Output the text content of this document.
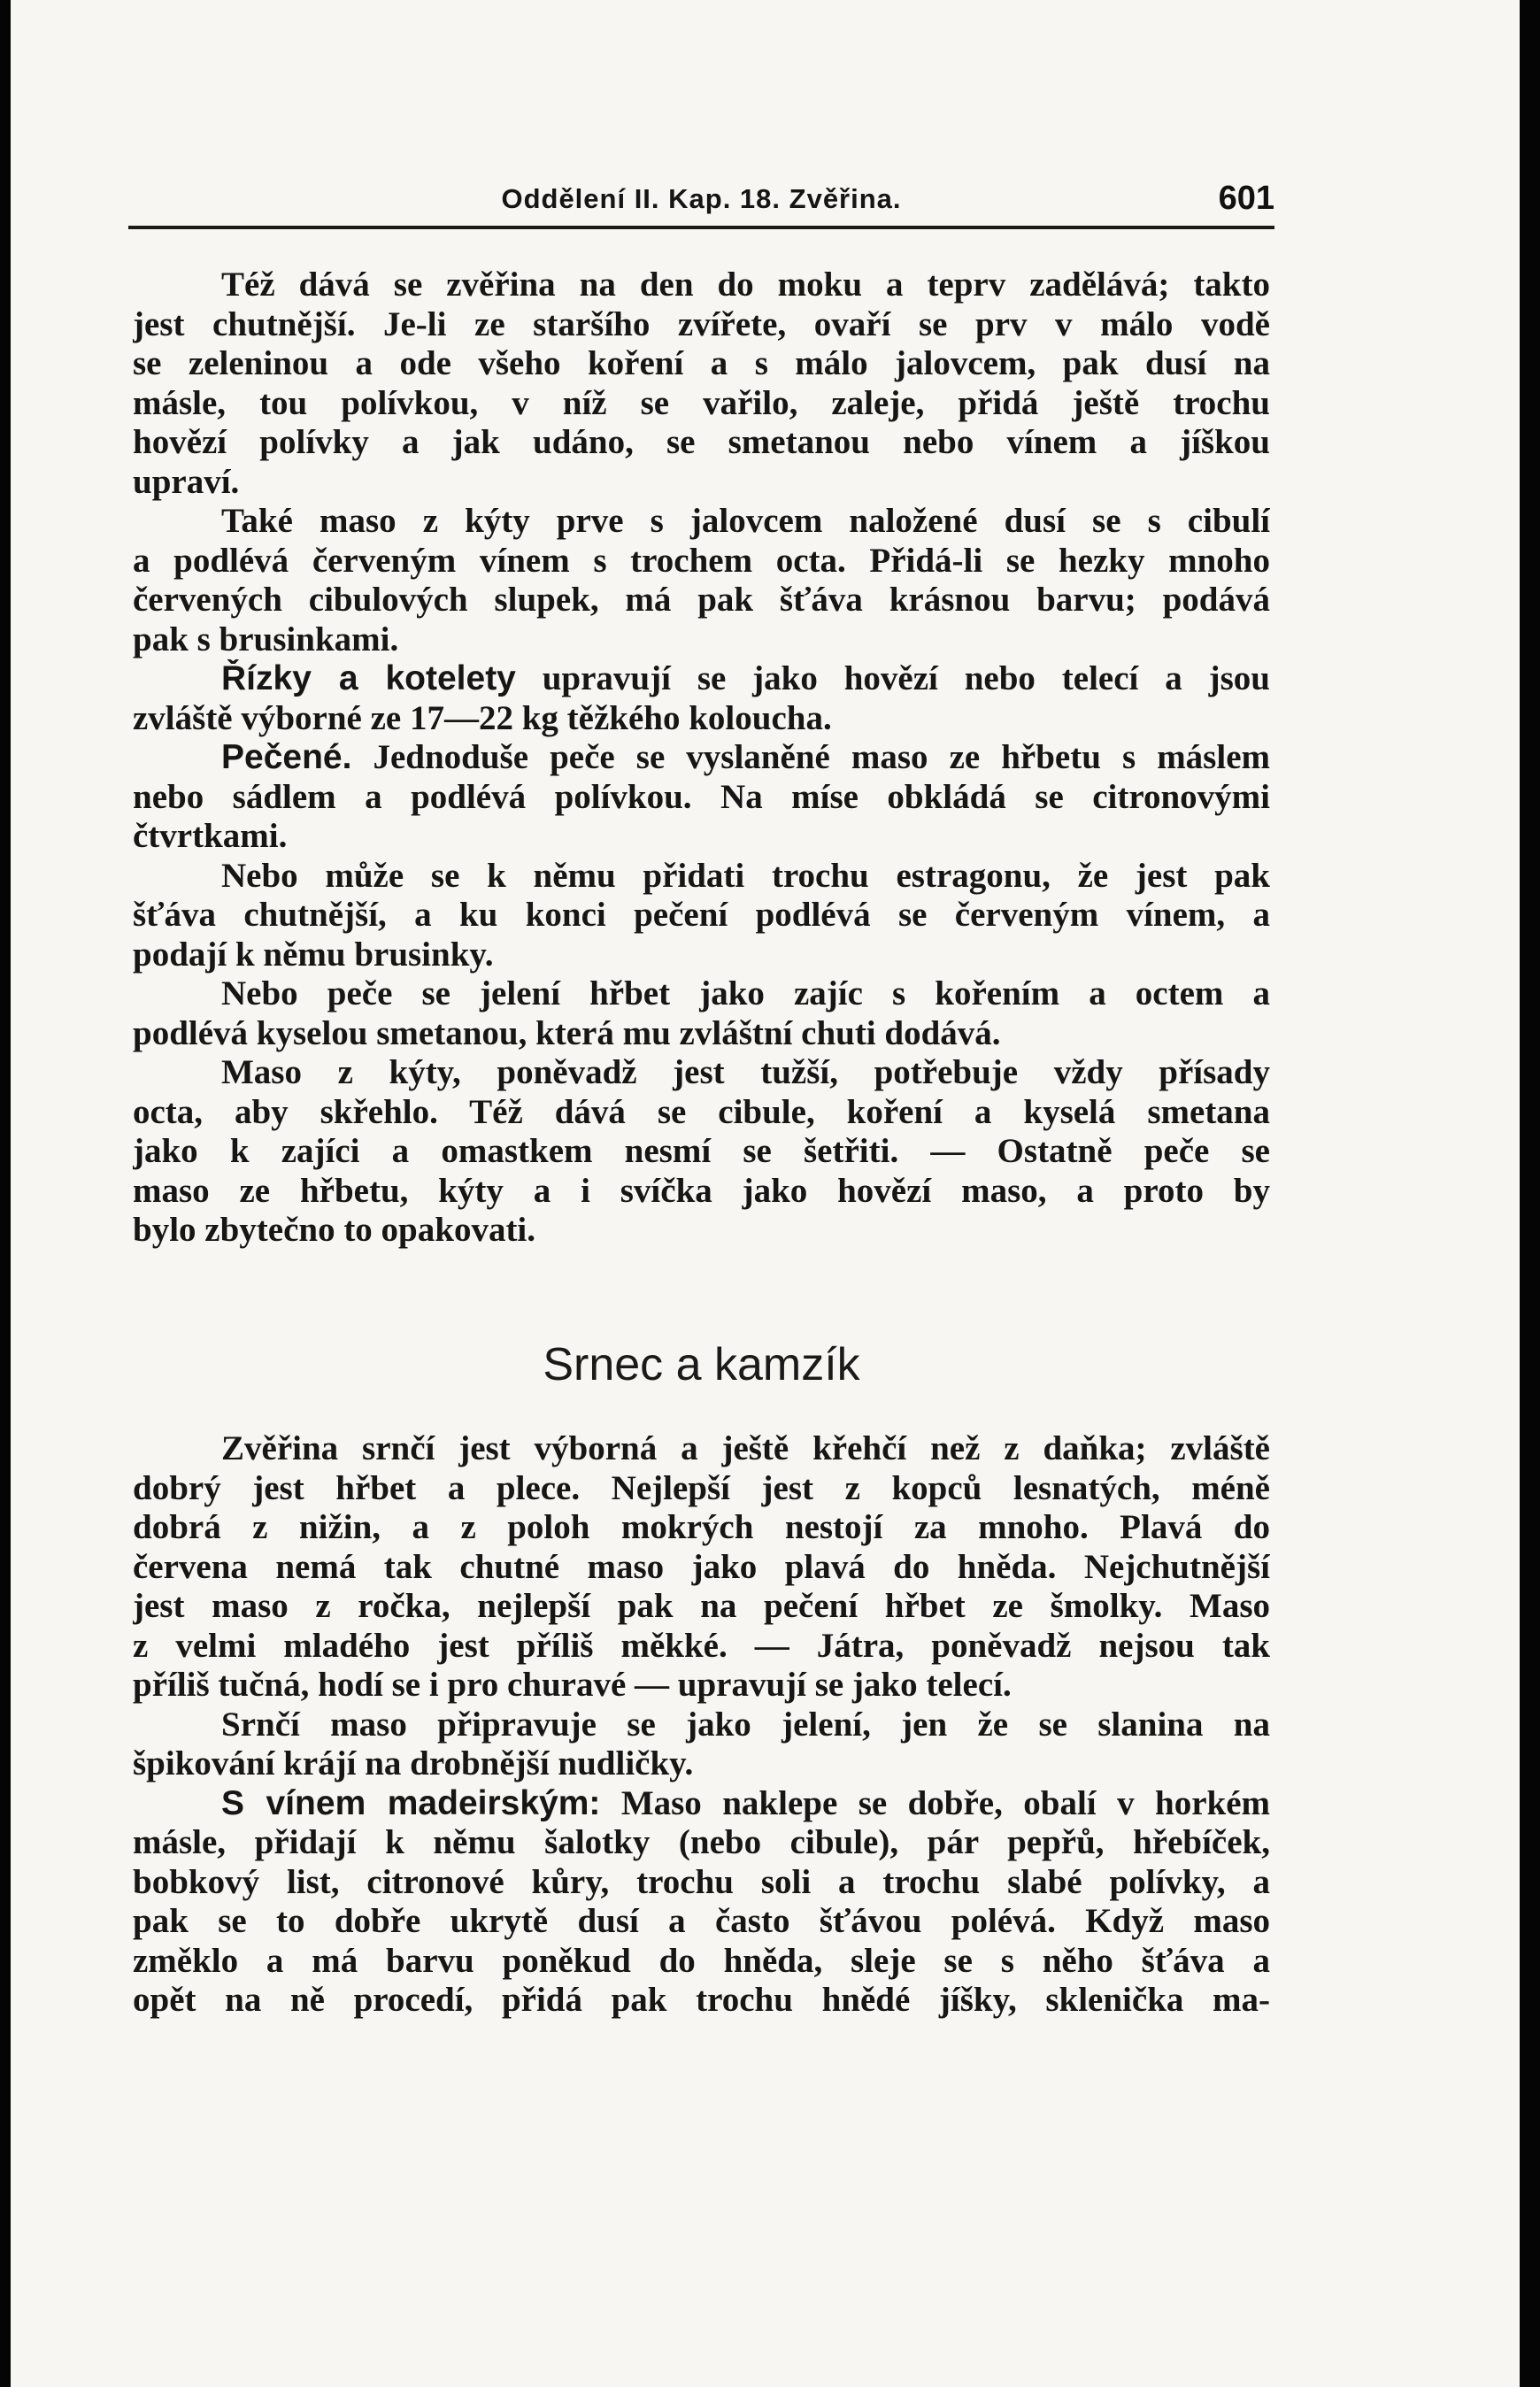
Oddělení II. Kap. 18. Zvěřina.	601
Též dává se zvěřina na den do moku a teprv zadělává; takto
jest chutnější. Je-li ze staršího zvířete, ovaří se prv v málo vodě
se zeleninou a ode všeho koření a s málo jalovcem, pak dusí na
másle, tou polívkou, v níž se vařilo, zaleje, přidá ještě trochu
hovězí polívky a jak udáno, se smetanou nebo vínem a jíškou
upraví.
Také maso z kýty prve s jalovcem naložené dusí se s cibulí
a podlévá červeným vínem s trochem octa. Přidá-li se hezky mnoho
červených cibulových slupek, má pak šťáva krásnou barvu; podává
pak s brusinkami.
Řízky a kotelety upravují se jako hovězí nebo telecí a jsou
zvláště výborné ze 17—22 kg těžkého koloucha.
Pečené. Jednoduše peče se vyslaněné maso ze hřbetu s máslem
nebo sádlem a podlévá polívkou. Na míse obkládá se citronovými
čtvrtkami.
Nebo může se k němu přidati trochu estragonu, že jest pak
šťáva chutnější, a ku konci pečení podlévá se červeným vínem, a
podají k němu brusinky.
Nebo peče se jelení hřbet jako zajíc s kořením a octem a
podlévá kyselou smetanou, která mu zvláštní chuti dodává.
Maso z kýty, poněvadž jest tužší, potřebuje vždy přísady
octa, aby skřehlo. Též dává se cibule, koření a kyselá smetana
jako k zajíci a omastkem nesmí se šetřiti. — Ostatně peče se
maso ze hřbetu, kýty a i svíčka jako hovězí maso, a proto by
bylo zbytečno to opakovati.
Srnec a kamzík
Zvěřina srnčí jest výborná a ještě křehčí než z daňka; zvláště
dobrý jest hřbet a plece. Nejlepší jest z kopců lesnatých, méně
dobrá z nižin, a z poloh mokrých nestojí za mnoho. Plavá do
červena nemá tak chutné maso jako plavá do hněda. Nejchutnější
jest maso z ročka, nejlepší pak na pečení hřbet ze šmolky. Maso
z velmi mladého jest příliš měkké. — Játra, poněvadž nejsou tak
příliš tučná, hodí se i pro churavé — upravují se jako telecí.
Srnčí maso připravuje se jako jelení, jen že se slanina na
špikování krájí na drobnější nudličky.
S vínem madeirským: Maso naklepe se dobře, obalí v horkém
másle, přidají k němu šalotky (nebo cibule), pár pepřů, hřebíček,
bobkový list, citronové kůry, trochu soli a trochu slabé polívky, a
pak se to dobře ukrytě dusí a často šťávou polévá. Když maso
změklo a má barvu poněkud do hněda, sleje se s něho šťáva a
opět na ně procedí, přidá pak trochu hnědé jíšky, sklenička ma-
